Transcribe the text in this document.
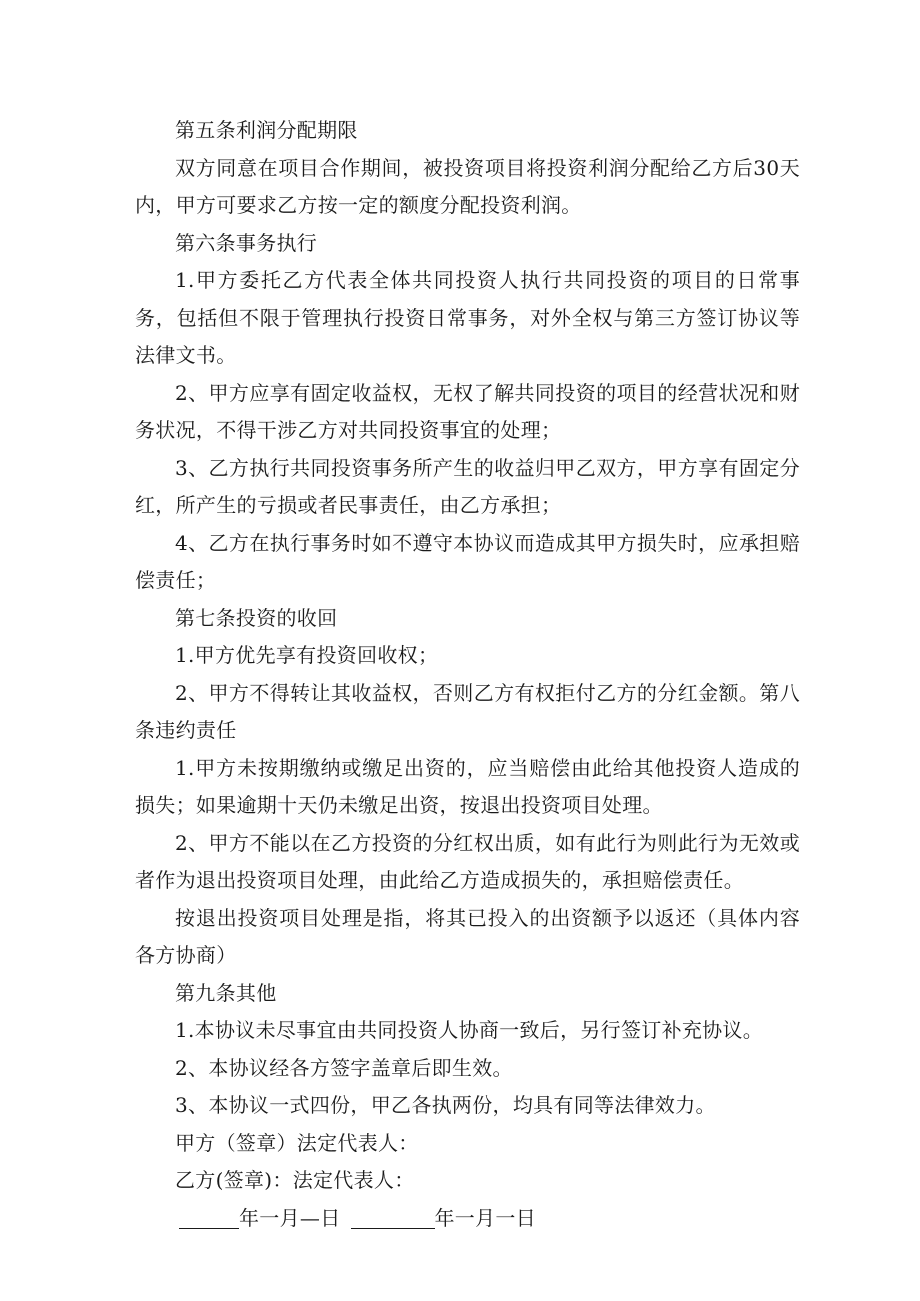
第五条利润分配期限

双方同意在项目合作期间，被投资项目将投资利润分配给乙方后30天内，甲方可要求乙方按一定的额度分配投资利润。

第六条事务执行

1.甲方委托乙方代表全体共同投资人执行共同投资的项目的日常事务，包括但不限于管理执行投资日常事务，对外全权与第三方签订协议等法律文书。

2、甲方应享有固定收益权，无权了解共同投资的项目的经营状况和财务状况，不得干涉乙方对共同投资事宜的处理；

3、乙方执行共同投资事务所产生的收益归甲乙双方，甲方享有固定分红，所产生的亏损或者民事责任，由乙方承担；

4、乙方在执行事务时如不遵守本协议而造成其甲方损失时，应承担赔偿责任；

第七条投资的收回

1.甲方优先享有投资回收权；

2、甲方不得转让其收益权，否则乙方有权拒付乙方的分红金额。第八条违约责任

1.甲方未按期缴纳或缴足出资的，应当赔偿由此给其他投资人造成的损失；如果逾期十天仍未缴足出资，按退出投资项目处理。

2、甲方不能以在乙方投资的分红权出质，如有此行为则此行为无效或者作为退出投资项目处理，由此给乙方造成损失的，承担赔偿责任。

按退出投资项目处理是指，将其已投入的出资额予以返还（具体内容各方协商）

第九条其他

1.本协议未尽事宜由共同投资人协商一致后，另行签订补充协议。

2、本协议经各方签字盖章后即生效。

3、本协议一式四份，甲乙各执两份，均具有同等法律效力。

甲方（签章）法定代表人：

乙方(签章)：法定代表人：

年一月—日	年一月一日
